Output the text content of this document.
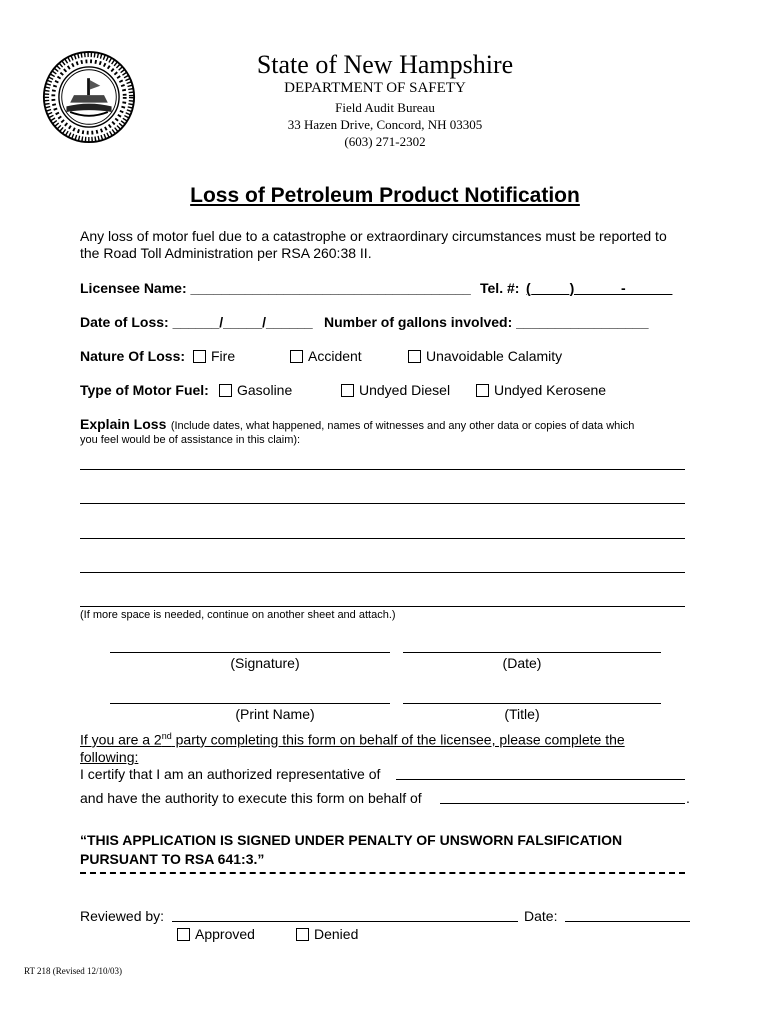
State of New Hampshire
DEPARTMENT OF SAFETY
Field Audit Bureau
33 Hazen Drive, Concord, NH 03305
(603) 271-2302
Loss of Petroleum Product Notification
Any loss of motor fuel due to a catastrophe or extraordinary circumstances must be reported to
the Road Toll Administration per RSA 260:38 II.
Licensee Name: ____________________________________ Tel. #: (_____)______-______
Date of Loss: ______/_____/______ Number of gallons involved: _________________
Nature Of Loss:	Fire	Accident	Unavoidable Calamity
Type of Motor Fuel:	Gasoline	Undyed Diesel	Undyed Kerosene
Explain Loss (Include dates, what happened, names of witnesses and any other data or copies of data which
you feel would be of assistance in this claim):
(If more space is needed, continue on another sheet and attach.)
(Signature)	(Date)
(Print Name)	(Title)
If you are a 2nd party completing this form on behalf of the licensee, please complete the
following:
I certify that I am an authorized representative of
and have the authority to execute this form on behalf of	.
“THIS APPLICATION IS SIGNED UNDER PENALTY OF UNSWORN FALSIFICATION
PURSUANT TO RSA 641:3.”
Reviewed by:	Date:
Approved	Denied
RT 218 (Revised 12/10/03)
